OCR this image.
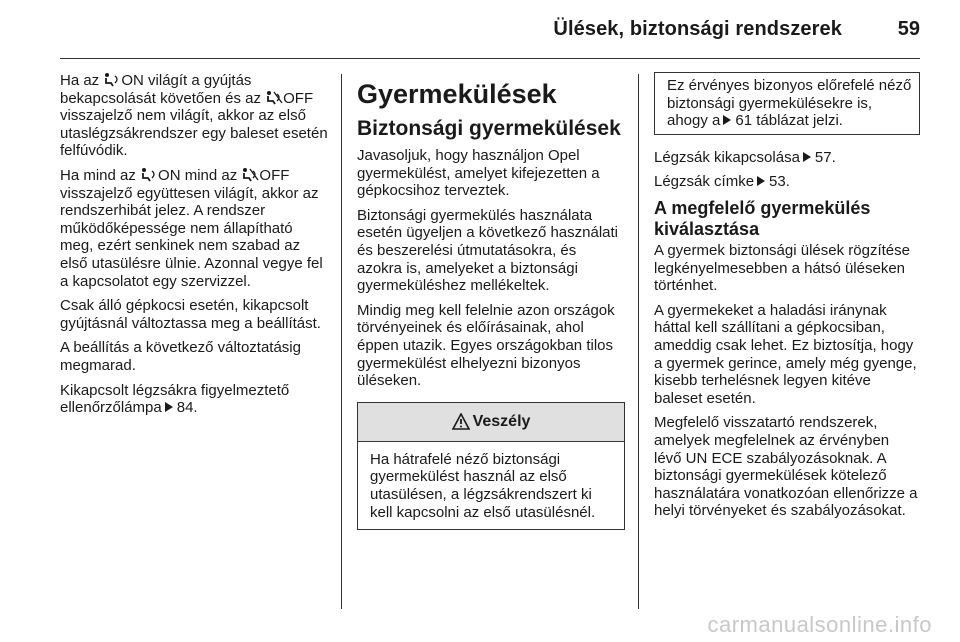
Ülések, biztonsági rendszerek	59

Ha az ON világít a gyújtás bekapcsolását követően és az OFF visszajelző nem világít, akkor az első utaslégzsákrendszer egy baleset esetén felfúvódik.

Ha mind az ON mind az OFF visszajelző együttesen világít, akkor az rendszerhibát jelez. A rendszer működőképessége nem állapítható meg, ezért senkinek nem szabad az első utasülésre ülnie. Azonnal vegye fel a kapcsolatot egy szervizzel.

Csak álló gépkocsi esetén, kikapcsolt gyújtásnál változtassa meg a beállítást.

A beállítás a következő változtatásig megmarad.

Kikapcsolt légzsákra figyelmeztető ellenőrzőlámpa 84.

Gyermekülések
Biztonsági gyermekülések

Javasoljuk, hogy használjon Opel gyermekülést, amelyet kifejezetten a gépkocsihoz terveztek.

Biztonsági gyermekülés használata esetén ügyeljen a következő használati és beszerelési útmutatásokra, és azokra is, amelyeket a biztonsági gyermeküléshez mellékeltek.

Mindig meg kell felelnie azon országok törvényeinek és előírásainak, ahol éppen utazik. Egyes országokban tilos gyermekülést elhelyezni bizonyos üléseken.

Veszély
Ha hátrafelé néző biztonsági gyermekülést használ az első utasülésen, a légzsákrendszert ki kell kapcsolni az első utasülésnél.
Ez érvényes bizonyos előrefelé néző biztonsági gyermekülésekre is, ahogy a 61 táblázat jelzi.

Légzsák kikapcsolása 57.

Légzsák címke 53.

A megfelelő gyermekülés kiválasztása

A gyermek biztonsági ülések rögzítése legkényelmesebben a hátsó üléseken történhet.

A gyermekeket a haladási iránynak háttal kell szállítani a gépkocsiban, ameddig csak lehet. Ez biztosítja, hogy a gyermek gerince, amely még gyenge, kisebb terhelésnek legyen kitéve baleset esetén.

Megfelelő visszatartó rendszerek, amelyek megfelelnek az érvényben lévő UN ECE szabályozásoknak. A biztonsági gyermekülések kötelező használatára vonatkozóan ellenőrizze a helyi törvényeket és szabályozásokat.

carmanualsonline.info
